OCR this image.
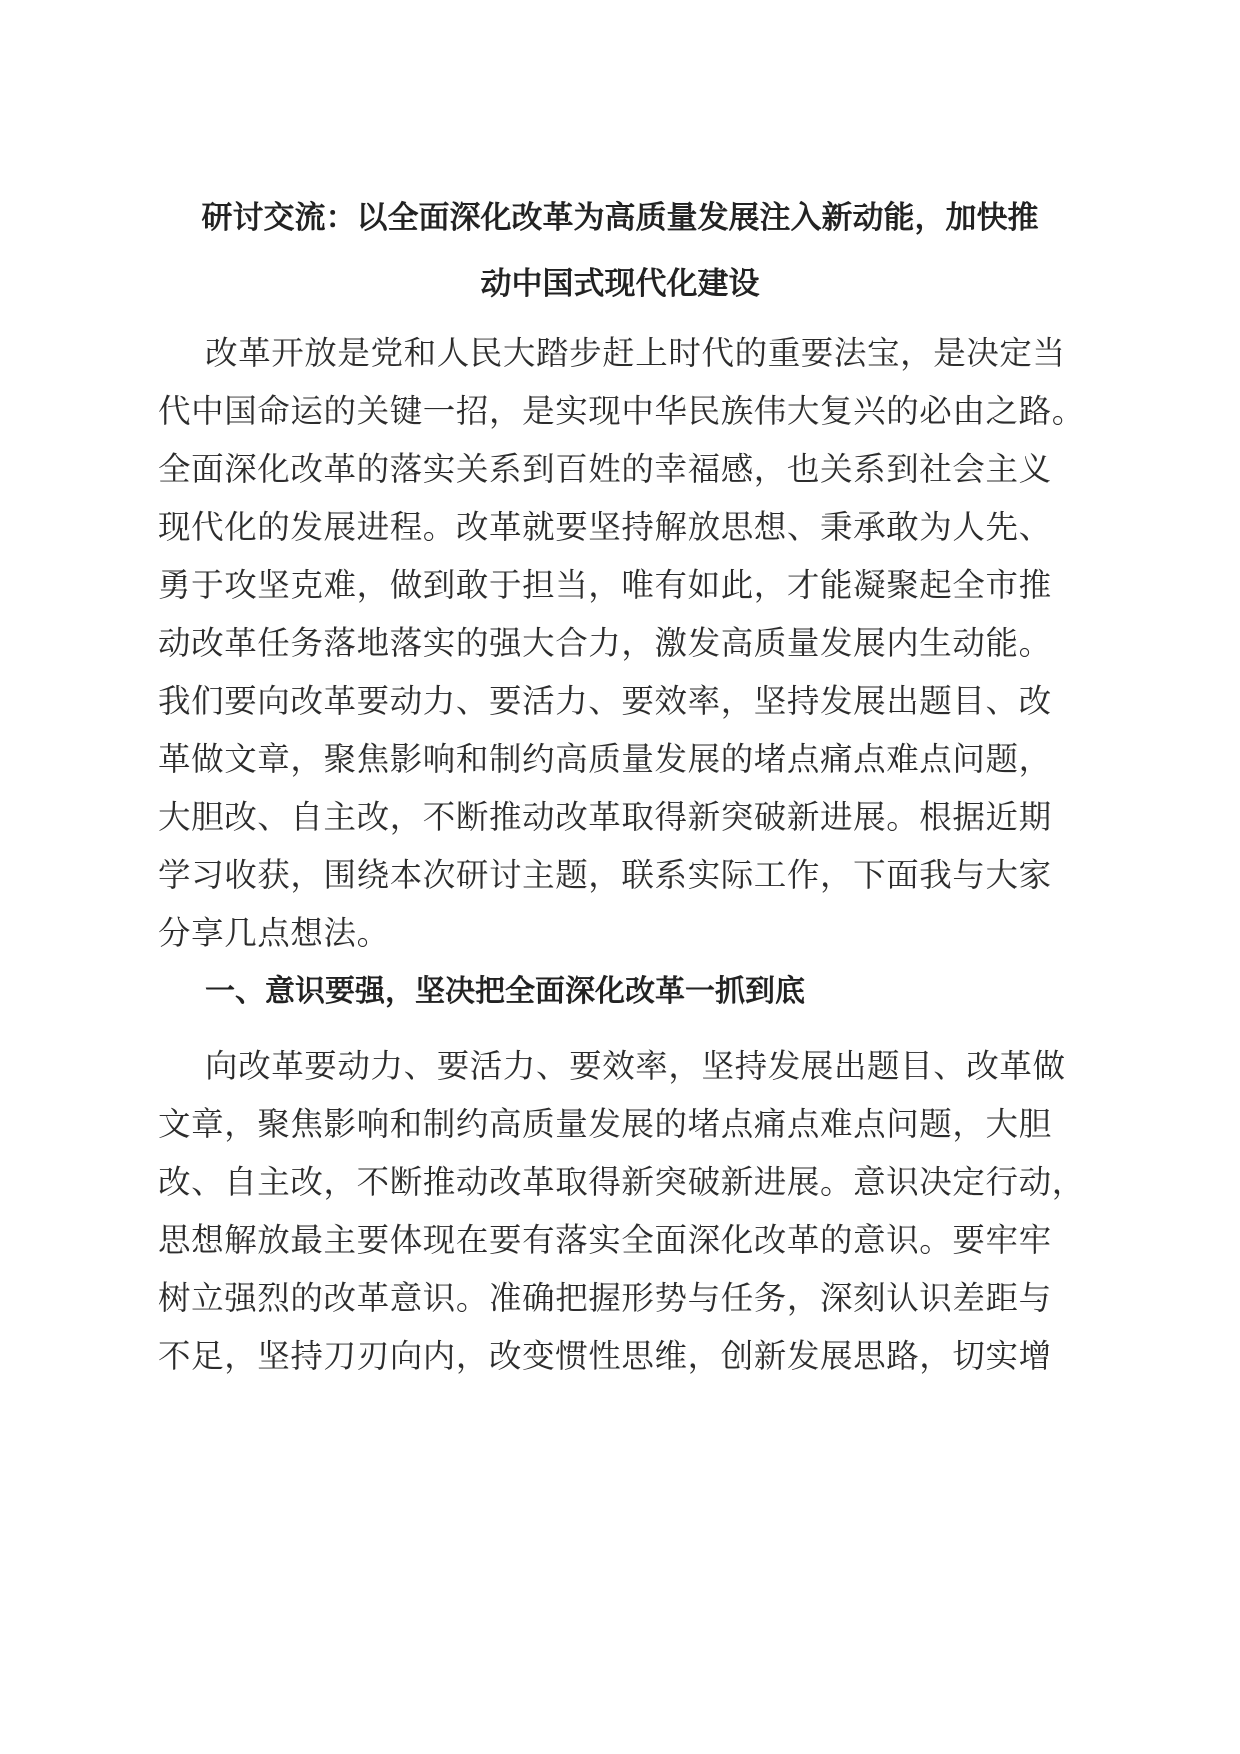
研讨交流：以全面深化改革为高质量发展注入新动能，加快推
动中国式现代化建设

改革开放是党和人民大踏步赶上时代的重要法宝，是决定当

代中国命运的关键一招，是实现中华民族伟大复兴的必由之路。

全面深化改革的落实关系到百姓的幸福感，也关系到社会主义

现代化的发展进程。改革就要坚持解放思想、秉承敢为人先、

勇于攻坚克难，做到敢于担当，唯有如此，才能凝聚起全市推

动改革任务落地落实的强大合力，激发高质量发展内生动能。

我们要向改革要动力、要活力、要效率，坚持发展出题目、改

革做文章，聚焦影响和制约高质量发展的堵点痛点难点问题，

大胆改、自主改，不断推动改革取得新突破新进展。根据近期

学习收获，围绕本次研讨主题，联系实际工作，下面我与大家

分享几点想法。

一、意识要强，坚决把全面深化改革一抓到底

向改革要动力、要活力、要效率，坚持发展出题目、改革做

文章，聚焦影响和制约高质量发展的堵点痛点难点问题，大胆

改、自主改，不断推动改革取得新突破新进展。意识决定行动，

思想解放最主要体现在要有落实全面深化改革的意识。要牢牢

树立强烈的改革意识。准确把握形势与任务，深刻认识差距与

不足，坚持刀刃向内，改变惯性思维，创新发展思路，切实增
